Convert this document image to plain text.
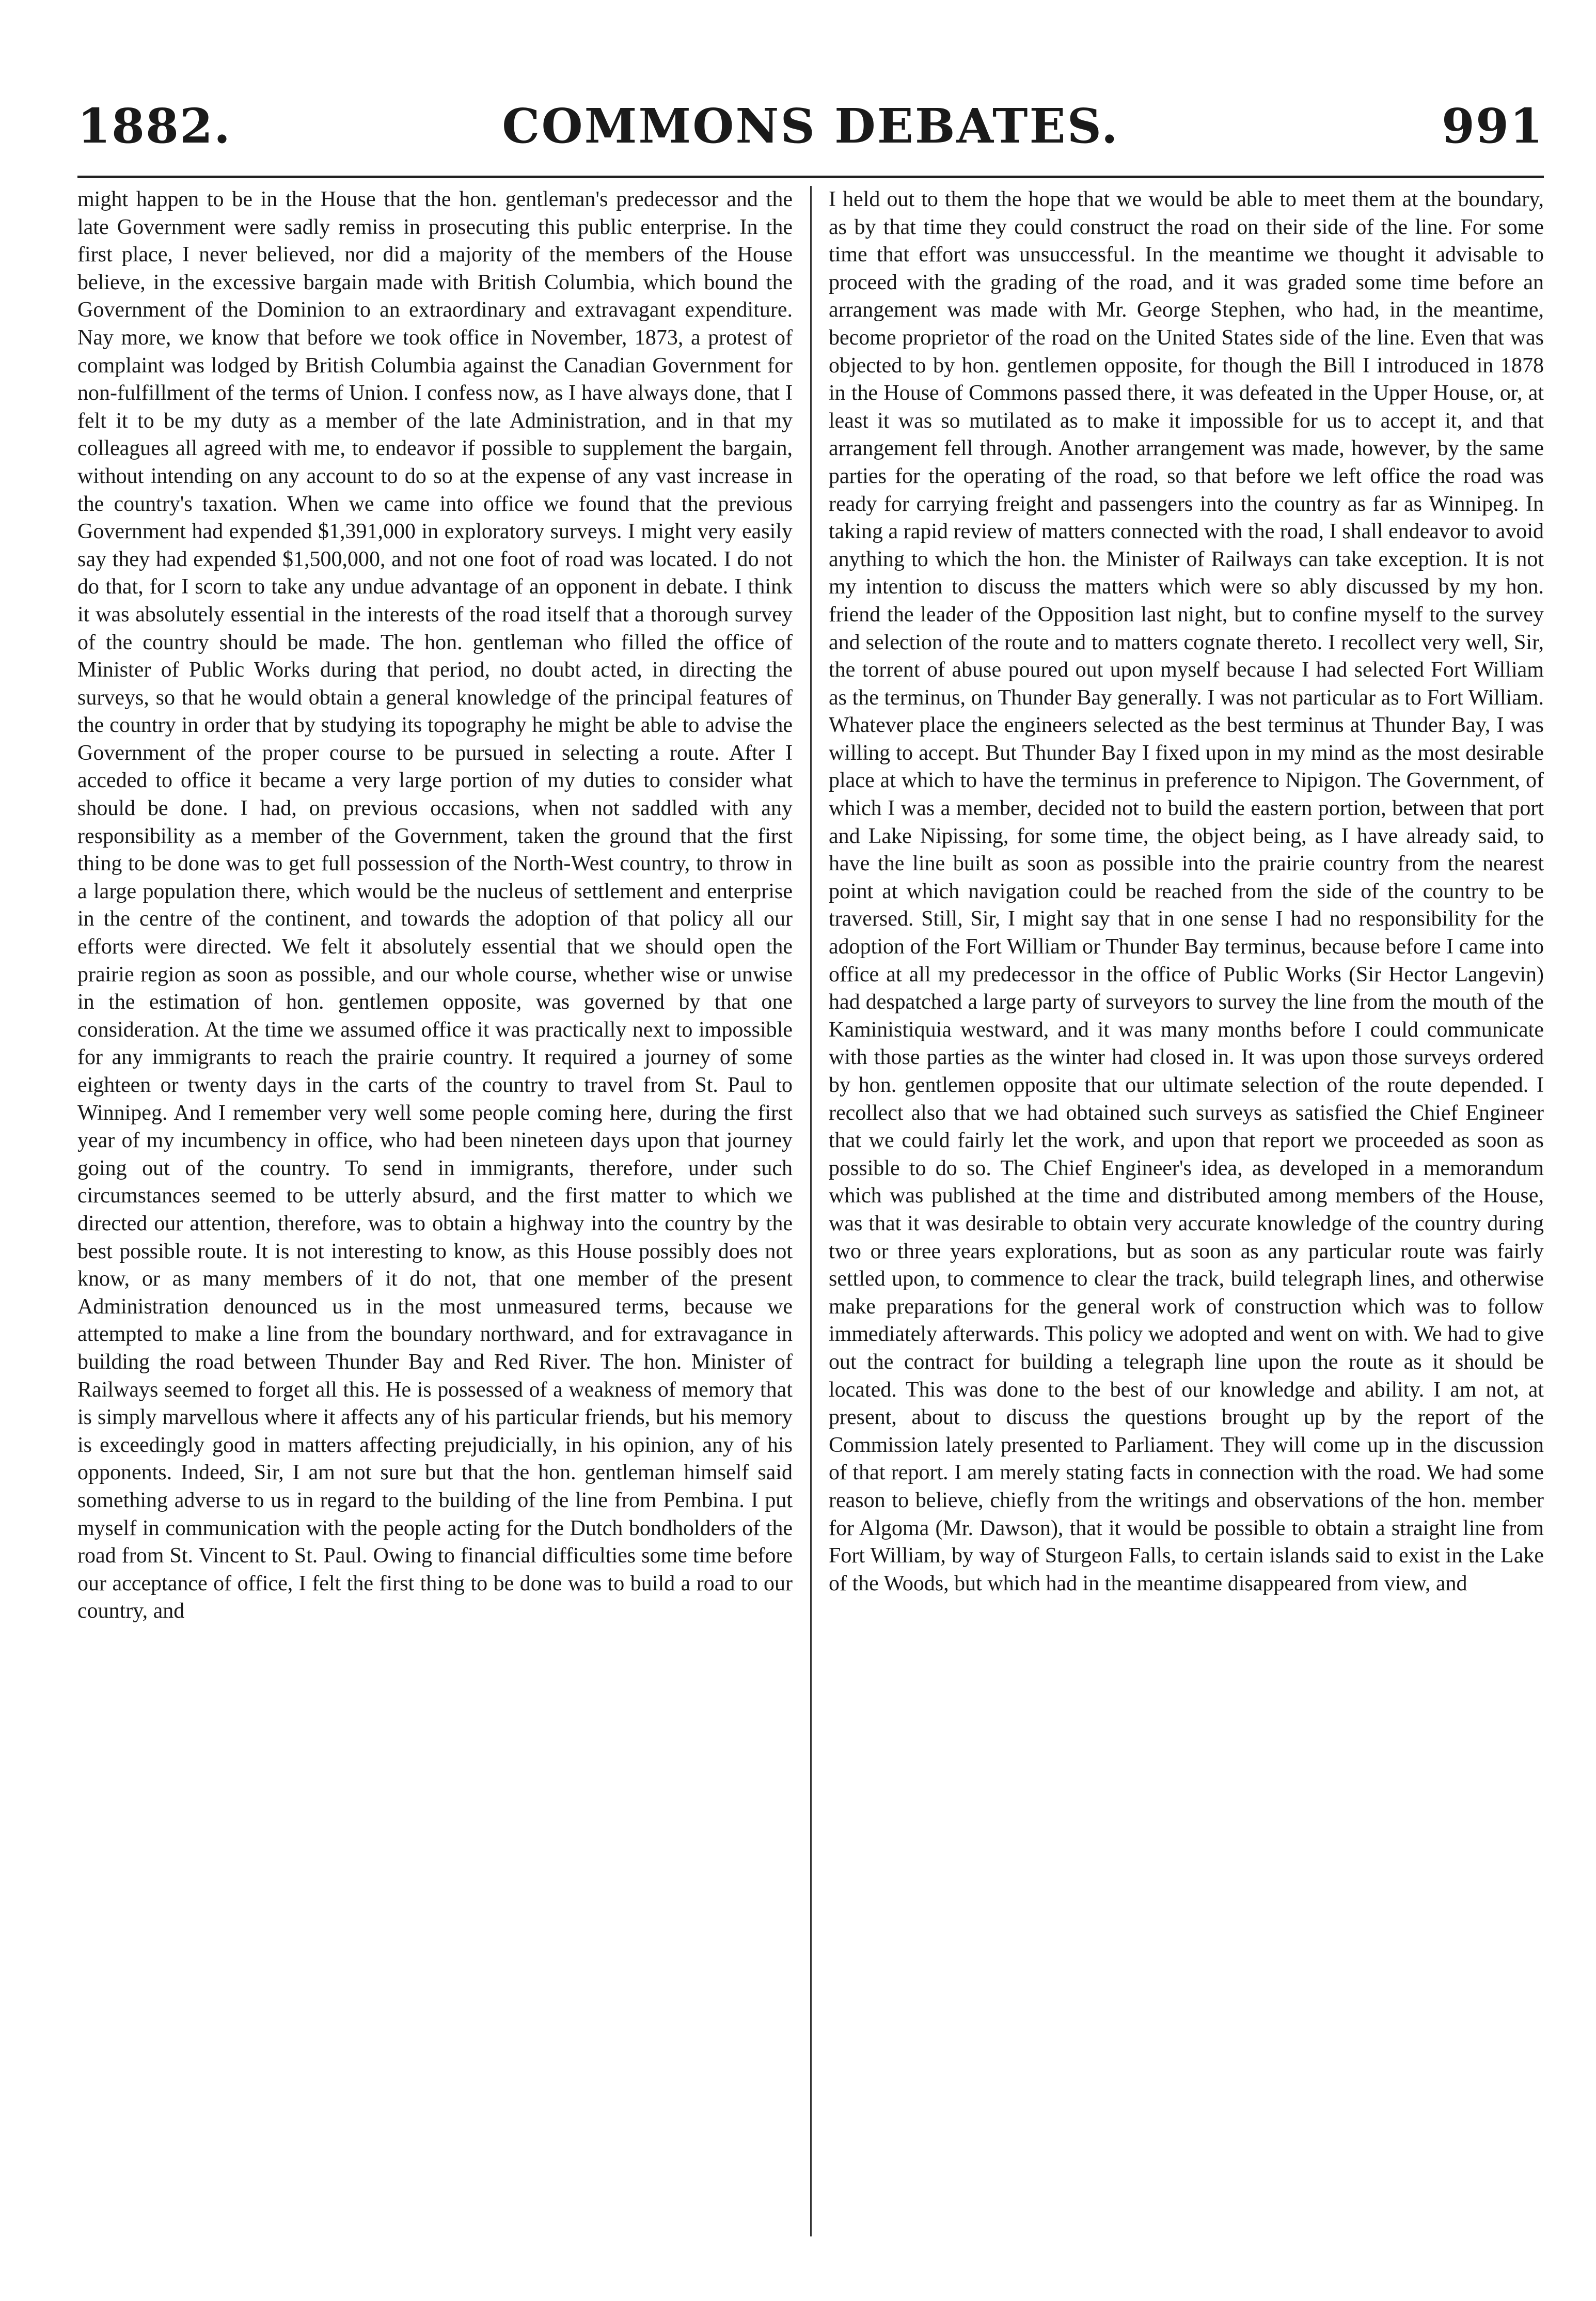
1882.	COMMONS DEBATES.	991

might happen to be in the House that the hon. gentleman's predecessor and the late Government were sadly remiss in prosecuting this public enterprise. In the first place, I never believed, nor did a majority of the members of the House believe, in the excessive bargain made with British Columbia, which bound the Government of the Dominion to an extraordinary and extravagant expenditure. Nay more, we know that before we took office in November, 1873, a protest of complaint was lodged by British Columbia against the Canadian Government for non-fulfillment of the terms of Union. I confess now, as I have always done, that I felt it to be my duty as a member of the late Administration, and in that my colleagues all agreed with me, to endeavor if possible to supplement the bargain, without intending on any account to do so at the expense of any vast increase in the country's taxation. When we came into office we found that the previous Government had expended $1,391,000 in exploratory surveys. I might very easily say they had expended $1,500,000, and not one foot of road was located. I do not do that, for I scorn to take any undue advantage of an opponent in debate. I think it was absolutely essential in the interests of the road itself that a thorough survey of the country should be made. The hon. gentleman who filled the office of Minister of Public Works during that period, no doubt acted, in directing the surveys, so that he would obtain a general knowledge of the principal features of the country in order that by studying its topography he might be able to advise the Government of the proper course to be pursued in selecting a route. After I acceded to office it became a very large portion of my duties to consider what should be done. I had, on previous occasions, when not saddled with any responsibility as a member of the Government, taken the ground that the first thing to be done was to get full possession of the North-West country, to throw in a large population there, which would be the nucleus of settlement and enterprise in the centre of the continent, and towards the adoption of that policy all our efforts were directed. We felt it absolutely essential that we should open the prairie region as soon as possible, and our whole course, whether wise or unwise in the estimation of hon. gentlemen opposite, was governed by that one consideration. At the time we assumed office it was practically next to impossible for any immigrants to reach the prairie country. It required a journey of some eighteen or twenty days in the carts of the country to travel from St. Paul to Winnipeg. And I remember very well some people coming here, during the first year of my incumbency in office, who had been nineteen days upon that journey going out of the country. To send in immigrants, therefore, under such circumstances seemed to be utterly absurd, and the first matter to which we directed our attention, therefore, was to obtain a highway into the country by the best possible route. It is not interesting to know, as this House possibly does not know, or as many members of it do not, that one member of the present Administration denounced us in the most unmeasured terms, because we attempted to make a line from the boundary northward, and for extravagance in building the road between Thunder Bay and Red River. The hon. Minister of Railways seemed to forget all this. He is possessed of a weakness of memory that is simply marvellous where it affects any of his particular friends, but his memory is exceedingly good in matters affecting prejudicially, in his opinion, any of his opponents. Indeed, Sir, I am not sure but that the hon. gentleman himself said something adverse to us in regard to the building of the line from Pembina. I put myself in communication with the people acting for the Dutch bondholders of the road from St. Vincent to St. Paul. Owing to financial difficulties some time before our acceptance of office, I felt the first thing to be done was to build a road to our country, and

I held out to them the hope that we would be able to meet them at the boundary, as by that time they could construct the road on their side of the line. For some time that effort was unsuccessful. In the meantime we thought it advisable to proceed with the grading of the road, and it was graded some time before an arrangement was made with Mr. George Stephen, who had, in the meantime, become proprietor of the road on the United States side of the line. Even that was objected to by hon. gentlemen opposite, for though the Bill I introduced in 1878 in the House of Commons passed there, it was defeated in the Upper House, or, at least it was so mutilated as to make it impossible for us to accept it, and that arrangement fell through. Another arrangement was made, however, by the same parties for the operating of the road, so that before we left office the road was ready for carrying freight and passengers into the country as far as Winnipeg. In taking a rapid review of matters connected with the road, I shall endeavor to avoid anything to which the hon. the Minister of Railways can take exception. It is not my intention to discuss the matters which were so ably discussed by my hon. friend the leader of the Opposition last night, but to confine myself to the survey and selection of the route and to matters cognate thereto. I recollect very well, Sir, the torrent of abuse poured out upon myself because I had selected Fort William as the terminus, on Thunder Bay generally. I was not particular as to Fort William. Whatever place the engineers selected as the best terminus at Thunder Bay, I was willing to accept. But Thunder Bay I fixed upon in my mind as the most desirable place at which to have the terminus in preference to Nipigon. The Government, of which I was a member, decided not to build the eastern portion, between that port and Lake Nipissing, for some time, the object being, as I have already said, to have the line built as soon as possible into the prairie country from the nearest point at which navigation could be reached from the side of the country to be traversed. Still, Sir, I might say that in one sense I had no responsibility for the adoption of the Fort William or Thunder Bay terminus, because before I came into office at all my predecessor in the office of Public Works (Sir Hector Langevin) had despatched a large party of surveyors to survey the line from the mouth of the Kaministiquia westward, and it was many months before I could communicate with those parties as the winter had closed in. It was upon those surveys ordered by hon. gentlemen opposite that our ultimate selection of the route depended. I recollect also that we had obtained such surveys as satisfied the Chief Engineer that we could fairly let the work, and upon that report we proceeded as soon as possible to do so. The Chief Engineer's idea, as developed in a memorandum which was published at the time and distributed among members of the House, was that it was desirable to obtain very accurate knowledge of the country during two or three years explorations, but as soon as any particular route was fairly settled upon, to commence to clear the track, build telegraph lines, and otherwise make preparations for the general work of construction which was to follow immediately afterwards. This policy we adopted and went on with. We had to give out the contract for building a telegraph line upon the route as it should be located. This was done to the best of our knowledge and ability. I am not, at present, about to discuss the questions brought up by the report of the Commission lately presented to Parliament. They will come up in the discussion of that report. I am merely stating facts in connection with the road. We had some reason to believe, chiefly from the writings and observations of the hon. member for Algoma (Mr. Dawson), that it would be possible to obtain a straight line from Fort William, by way of Sturgeon Falls, to certain islands said to exist in the Lake of the Woods, but which had in the meantime disappeared from view, and
